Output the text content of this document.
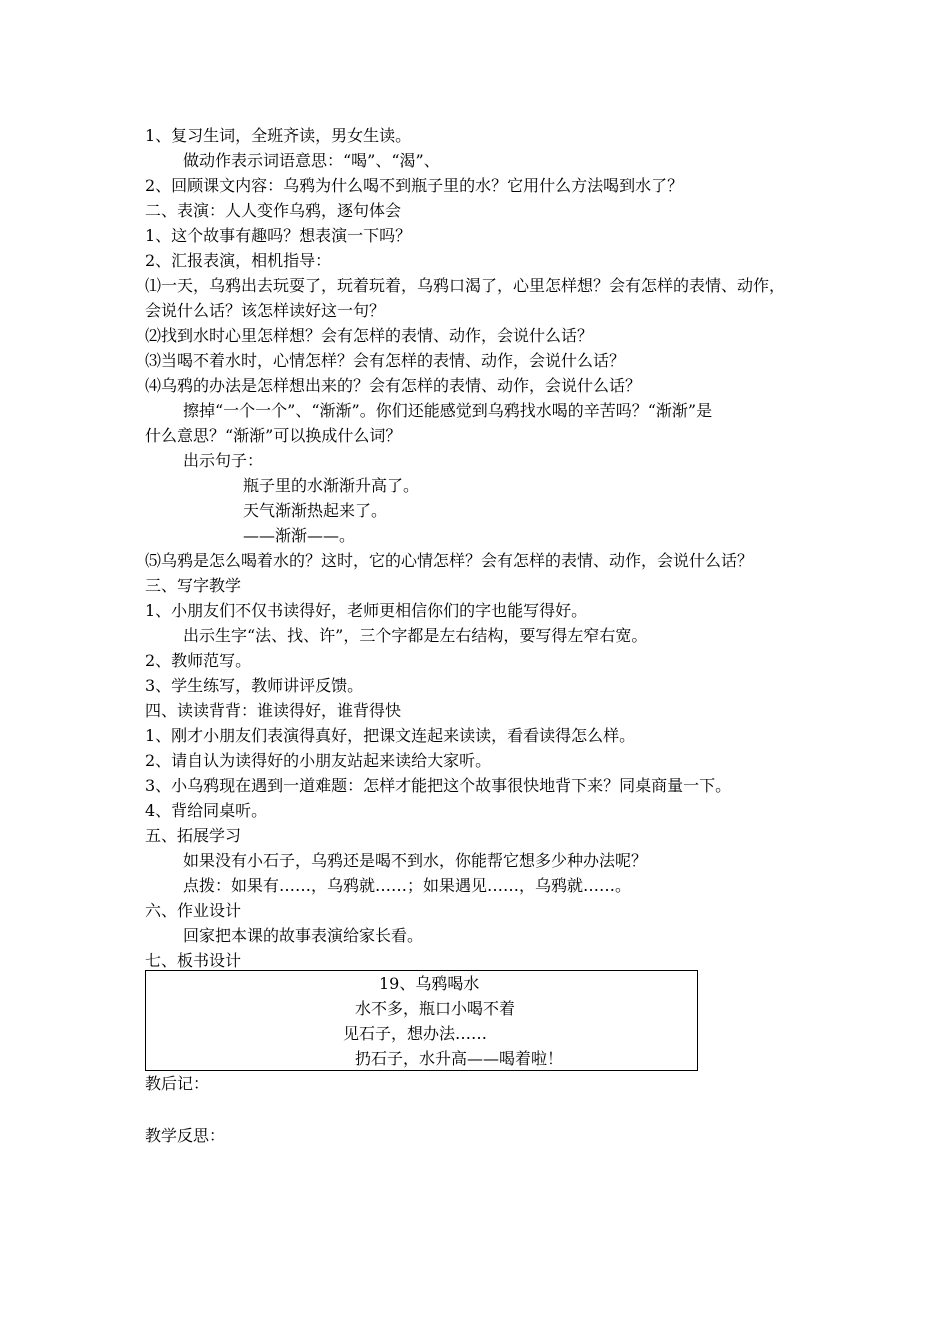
1、复习生词，全班齐读，男女生读。
做动作表示词语意思：“喝”、“渴”、
2、回顾课文内容：乌鸦为什么喝不到瓶子里的水？它用什么方法喝到水了？
二、表演：人人变作乌鸦，逐句体会
1、这个故事有趣吗？想表演一下吗？
2、汇报表演，相机指导：
⑴一天，乌鸦出去玩耍了，玩着玩着，乌鸦口渴了，心里怎样想？会有怎样的表情、动作，
会说什么话？该怎样读好这一句？
⑵找到水时心里怎样想？会有怎样的表情、动作，会说什么话？
⑶当喝不着水时，心情怎样？会有怎样的表情、动作，会说什么话？
⑷乌鸦的办法是怎样想出来的？会有怎样的表情、动作，会说什么话？
擦掉“一个一个”、“渐渐”。你们还能感觉到乌鸦找水喝的辛苦吗？“渐渐”是
什么意思？“渐渐”可以换成什么词？
出示句子：
瓶子里的水渐渐升高了。
天气渐渐热起来了。
——渐渐——。
⑸乌鸦是怎么喝着水的？这时，它的心情怎样？会有怎样的表情、动作，会说什么话？
三、写字教学
1、小朋友们不仅书读得好，老师更相信你们的字也能写得好。
出示生字“法、找、许”，三个字都是左右结构，要写得左窄右宽。
2、教师范写。
3、学生练写，教师讲评反馈。
四、读读背背：谁读得好，谁背得快
1、刚才小朋友们表演得真好，把课文连起来读读，看看读得怎么样。
2、请自认为读得好的小朋友站起来读给大家听。
3、小乌鸦现在遇到一道难题：怎样才能把这个故事很快地背下来？同桌商量一下。
4、背给同桌听。
五、拓展学习
如果没有小石子，乌鸦还是喝不到水，你能帮它想多少种办法呢？
点拨：如果有……，乌鸦就……；如果遇见……，乌鸦就……。
六、作业设计
回家把本课的故事表演给家长看。
七、板书设计
19、乌鸦喝水
水不多，瓶口小喝不着
见石子，想办法……
扔石子，水升高——喝着啦！
教后记：
教学反思：
